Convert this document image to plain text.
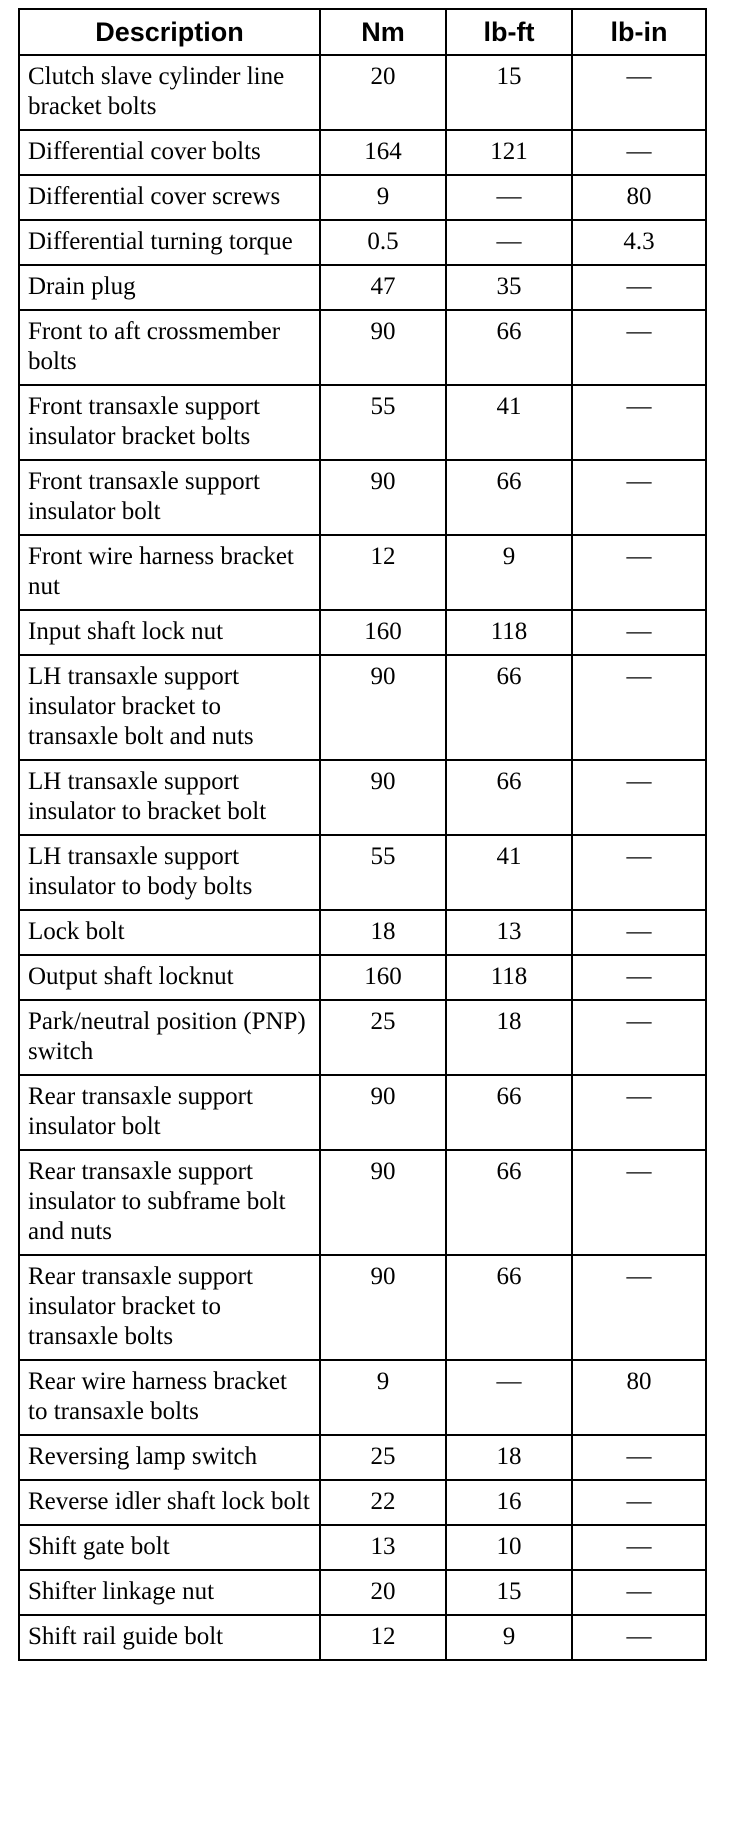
Description	Nm	lb-ft	lb-in
Clutch slave cylinder line bracket bolts	20	15	—
Differential cover bolts	164	121	—
Differential cover screws	9	—	80
Differential turning torque	0.5	—	4.3
Drain plug	47	35	—
Front to aft crossmember bolts	90	66	—
Front transaxle support insulator bracket bolts	55	41	—
Front transaxle support insulator bolt	90	66	—
Front wire harness bracket nut	12	9	—
Input shaft lock nut	160	118	—
LH transaxle support insulator bracket to transaxle bolt and nuts	90	66	—
LH transaxle support insulator to bracket bolt	90	66	—
LH transaxle support insulator to body bolts	55	41	—
Lock bolt	18	13	—
Output shaft locknut	160	118	—
Park/neutral position (PNP) switch	25	18	—
Rear transaxle support insulator bolt	90	66	—
Rear transaxle support insulator to subframe bolt and nuts	90	66	—
Rear transaxle support insulator bracket to transaxle bolts	90	66	—
Rear wire harness bracket to transaxle bolts	9	—	80
Reversing lamp switch	25	18	—
Reverse idler shaft lock bolt	22	16	—
Shift gate bolt	13	10	—
Shifter linkage nut	20	15	—
Shift rail guide bolt	12	9	—
